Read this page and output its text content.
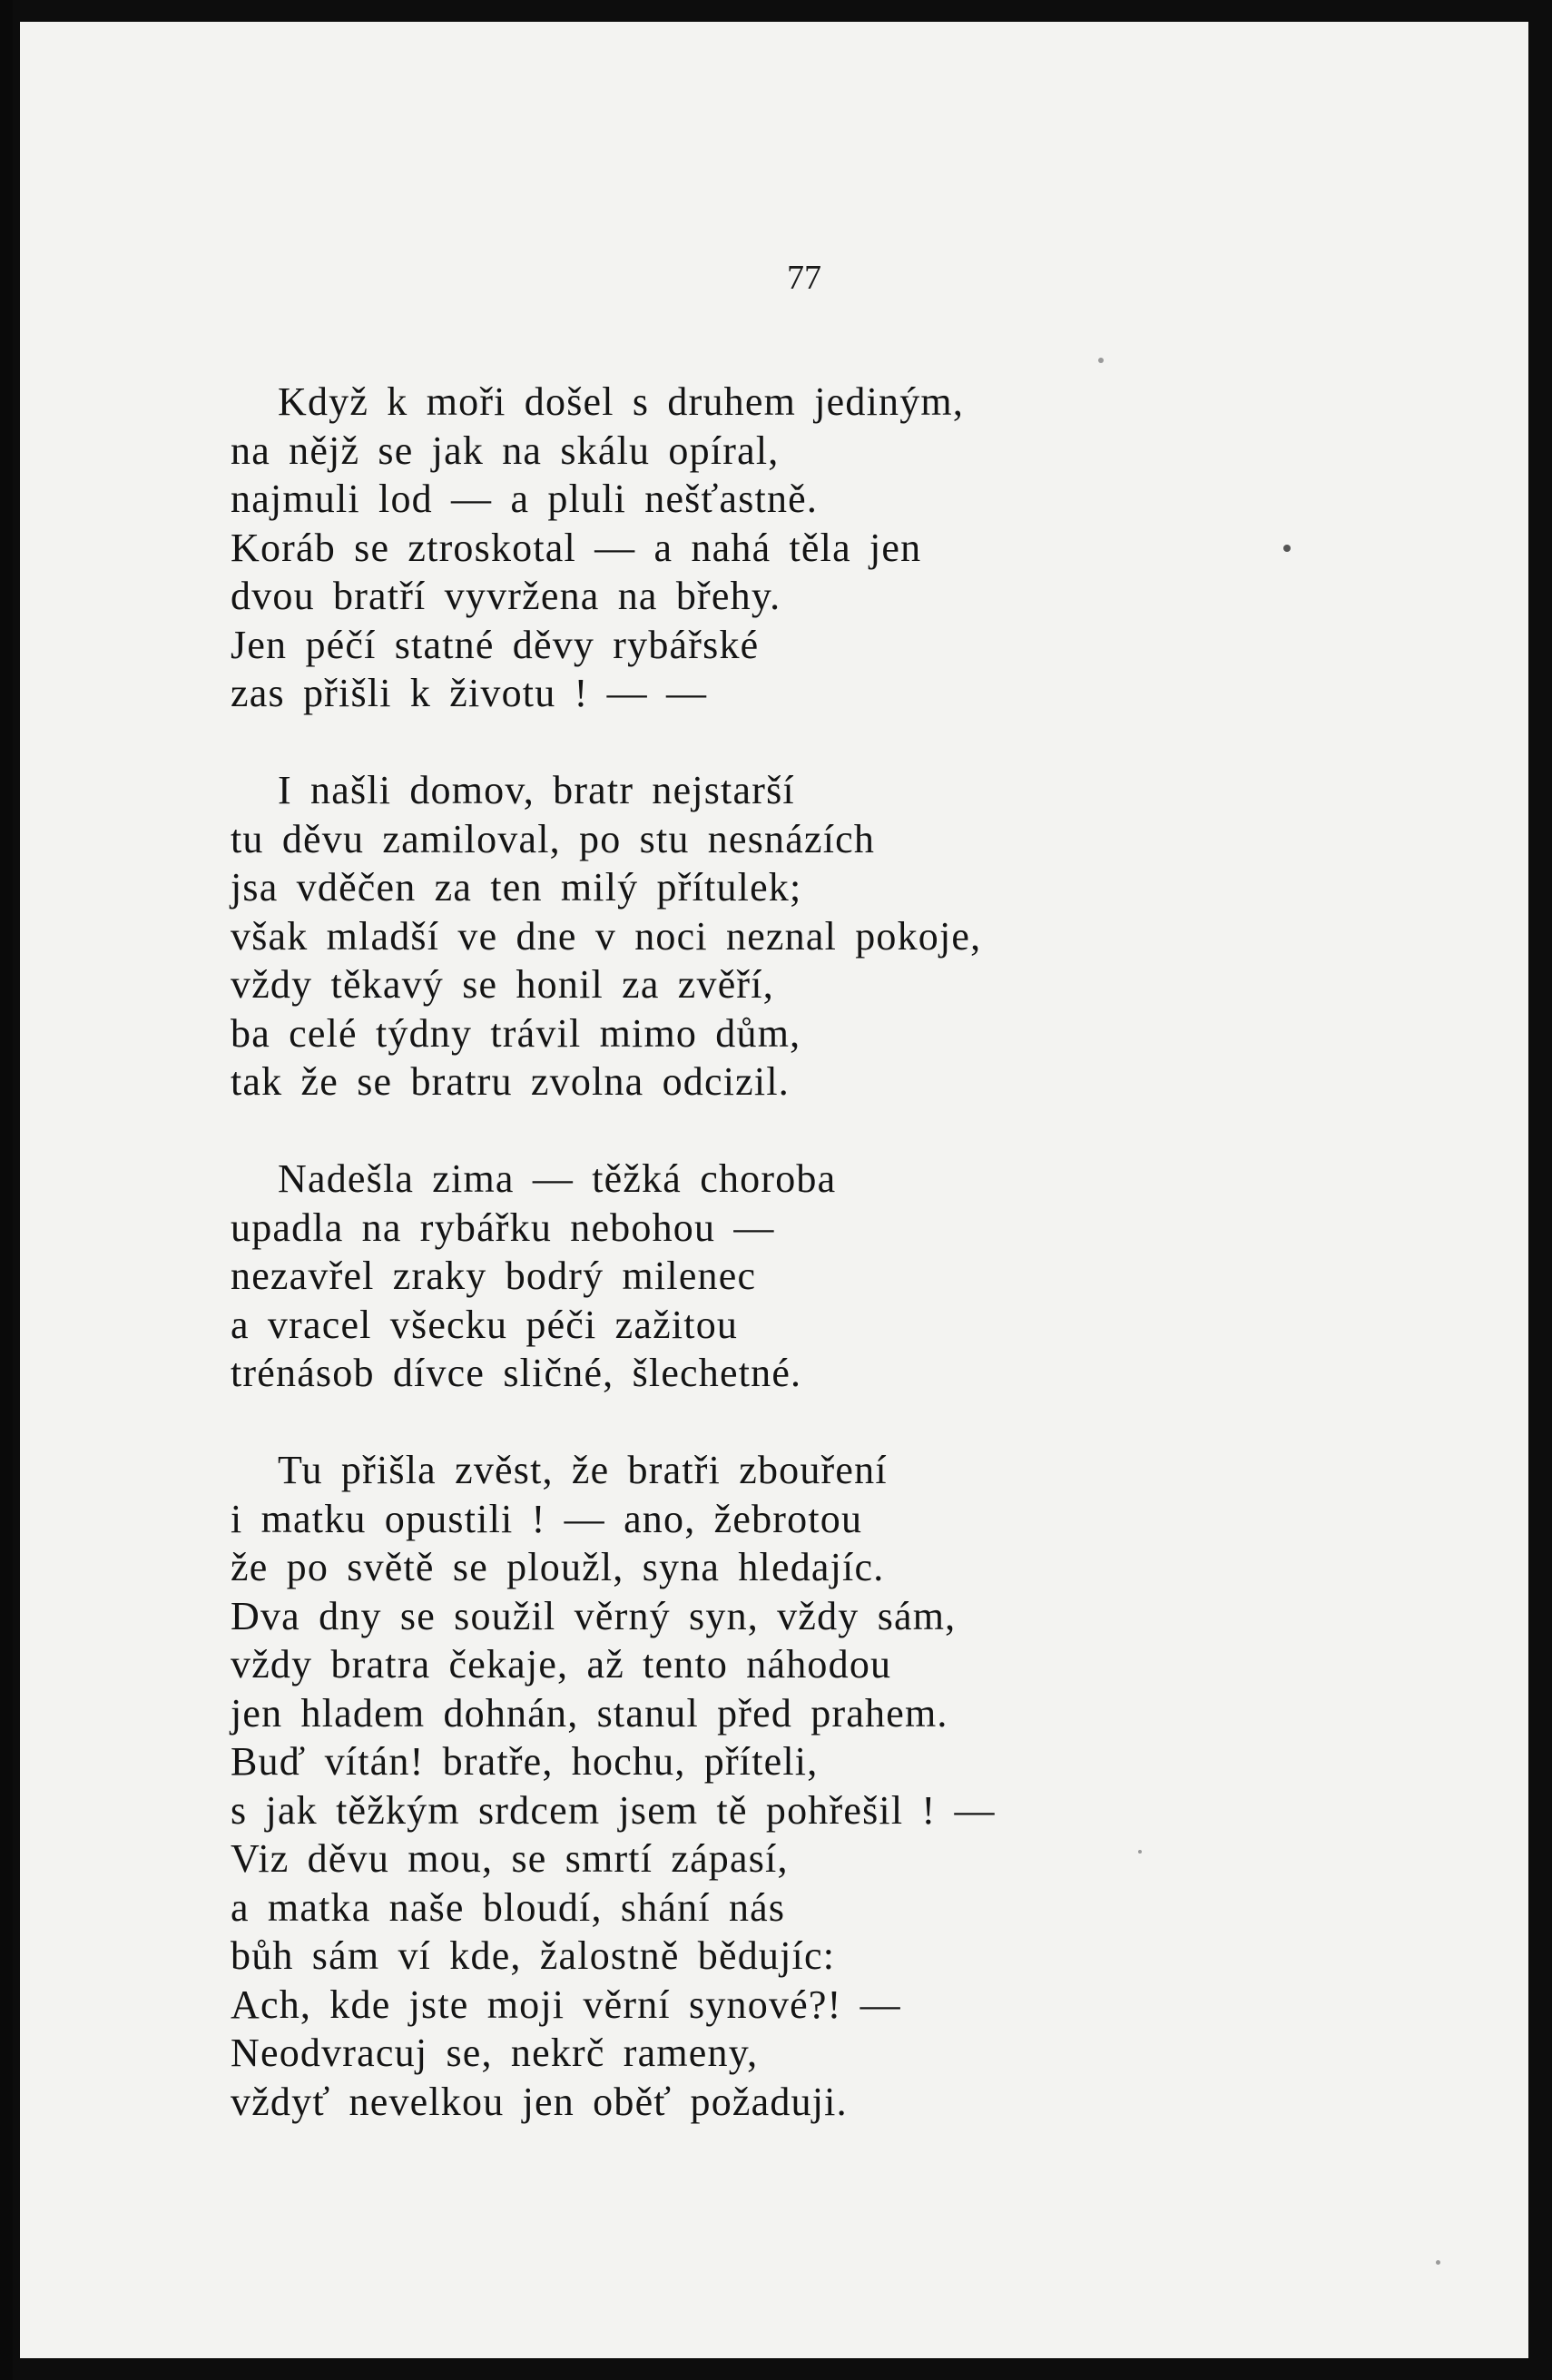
77
Když k moři došel s druhem jediným,
na nějž se jak na skálu opíral,
najmuli lod — a pluli nešťastně.
Koráb se ztroskotal — a nahá těla jen
dvou bratří vyvržena na břehy.
Jen péčí statné děvy rybářské
zas přišli k životu ! — —
I našli domov, bratr nejstarší
tu děvu zamiloval, po stu nesnázích
jsa vděčen za ten milý přítulek;
však mladší ve dne v noci neznal pokoje,
vždy těkavý se honil za zvěří,
ba celé týdny trávil mimo dům,
tak že se bratru zvolna odcizil.
Nadešla zima — těžká choroba
upadla na rybářku nebohou —
nezavřel zraky bodrý milenec
a vracel všecku péči zažitou
trénásob dívce sličné, šlechetné.
Tu přišla zvěst, že bratři zbouření
i matku opustili ! — ano, žebrotou
že po světě se ploužl, syna hledajíc.
Dva dny se soužil věrný syn, vždy sám,
vždy bratra čekaje, až tento náhodou
jen hladem dohnán, stanul před prahem.
Buď vítán! bratře, hochu, příteli,
s jak těžkým srdcem jsem tě pohřešil ! —
Viz děvu mou, se smrtí zápasí,
a matka naše bloudí, shání nás
bůh sám ví kde, žalostně bědujíc:
Ach, kde jste moji věrní synové?! —
Neodvracuj se, nekrč rameny,
vždyť nevelkou jen oběť požaduji.
